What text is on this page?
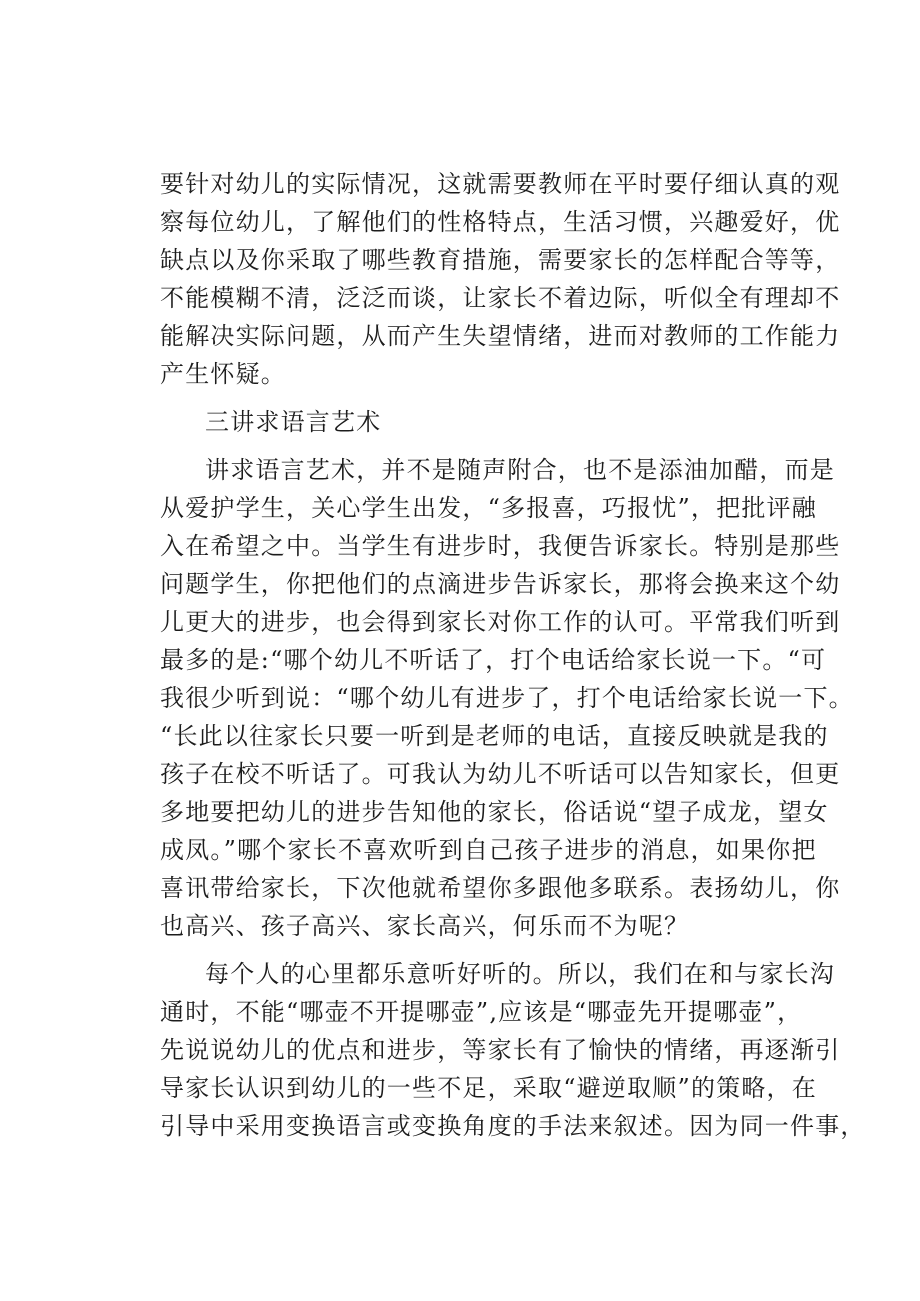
要针对幼儿的实际情况，这就需要教师在平时要仔细认真的观
察每位幼儿，了解他们的性格特点，生活习惯，兴趣爱好，优
缺点以及你采取了哪些教育措施，需要家长的怎样配合等等，
不能模糊不清，泛泛而谈，让家长不着边际，听似全有理却不
能解决实际问题，从而产生失望情绪，进而对教师的工作能力
产生怀疑。
三讲求语言艺术
讲求语言艺术，并不是随声附合，也不是添油加醋，而是
从爱护学生，关心学生出发，“多报喜，巧报忧”，把批评融
入在希望之中。当学生有进步时，我便告诉家长。特别是那些
问题学生，你把他们的点滴进步告诉家长，那将会换来这个幼
儿更大的进步，也会得到家长对你工作的认可。平常我们听到
最多的是:“哪个幼儿不听话了，打个电话给家长说一下。“可
我很少听到说：“哪个幼儿有进步了，打个电话给家长说一下。
“长此以往家长只要一听到是老师的电话，直接反映就是我的
孩子在校不听话了。可我认为幼儿不听话可以告知家长，但更
多地要把幼儿的进步告知他的家长，俗话说“望子成龙，望女
成凤。”哪个家长不喜欢听到自己孩子进步的消息，如果你把
喜讯带给家长，下次他就希望你多跟他多联系。表扬幼儿，你
也高兴、孩子高兴、家长高兴，何乐而不为呢？
每个人的心里都乐意听好听的。所以，我们在和与家长沟
通时，不能“哪壶不开提哪壶”,应该是“哪壶先开提哪壶”，
先说说幼儿的优点和进步，等家长有了愉快的情绪，再逐渐引
导家长认识到幼儿的一些不足，采取“避逆取顺”的策略，在
引导中采用变换语言或变换角度的手法来叙述。因为同一件事，
